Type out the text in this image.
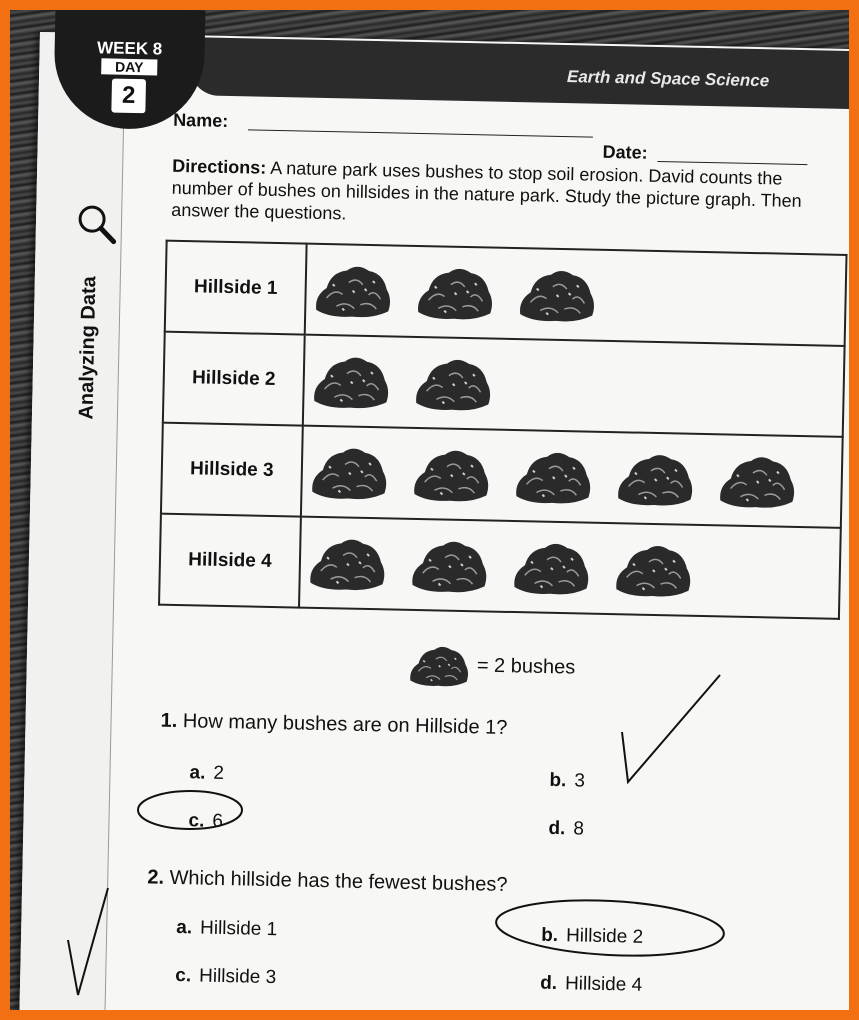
Analyzing Data
Earth and Space Science
WEEK 8
DAY
2
Name:
Date:
Directions: A nature park uses bushes to stop soil erosion. David counts the number of bushes on hillsides in the nature park. Study the picture graph. Then answer the questions.
Hillside 1	
Hillside 2	
Hillside 3	
Hillside 4	
= 2 bushes
1. How many bushes are on Hillside 1?
a. 2	b. 3
c. 6	d. 8
2. Which hillside has the fewest bushes?
a. Hillside 1	b. Hillside 2
c. Hillside 3	d. Hillside 4
